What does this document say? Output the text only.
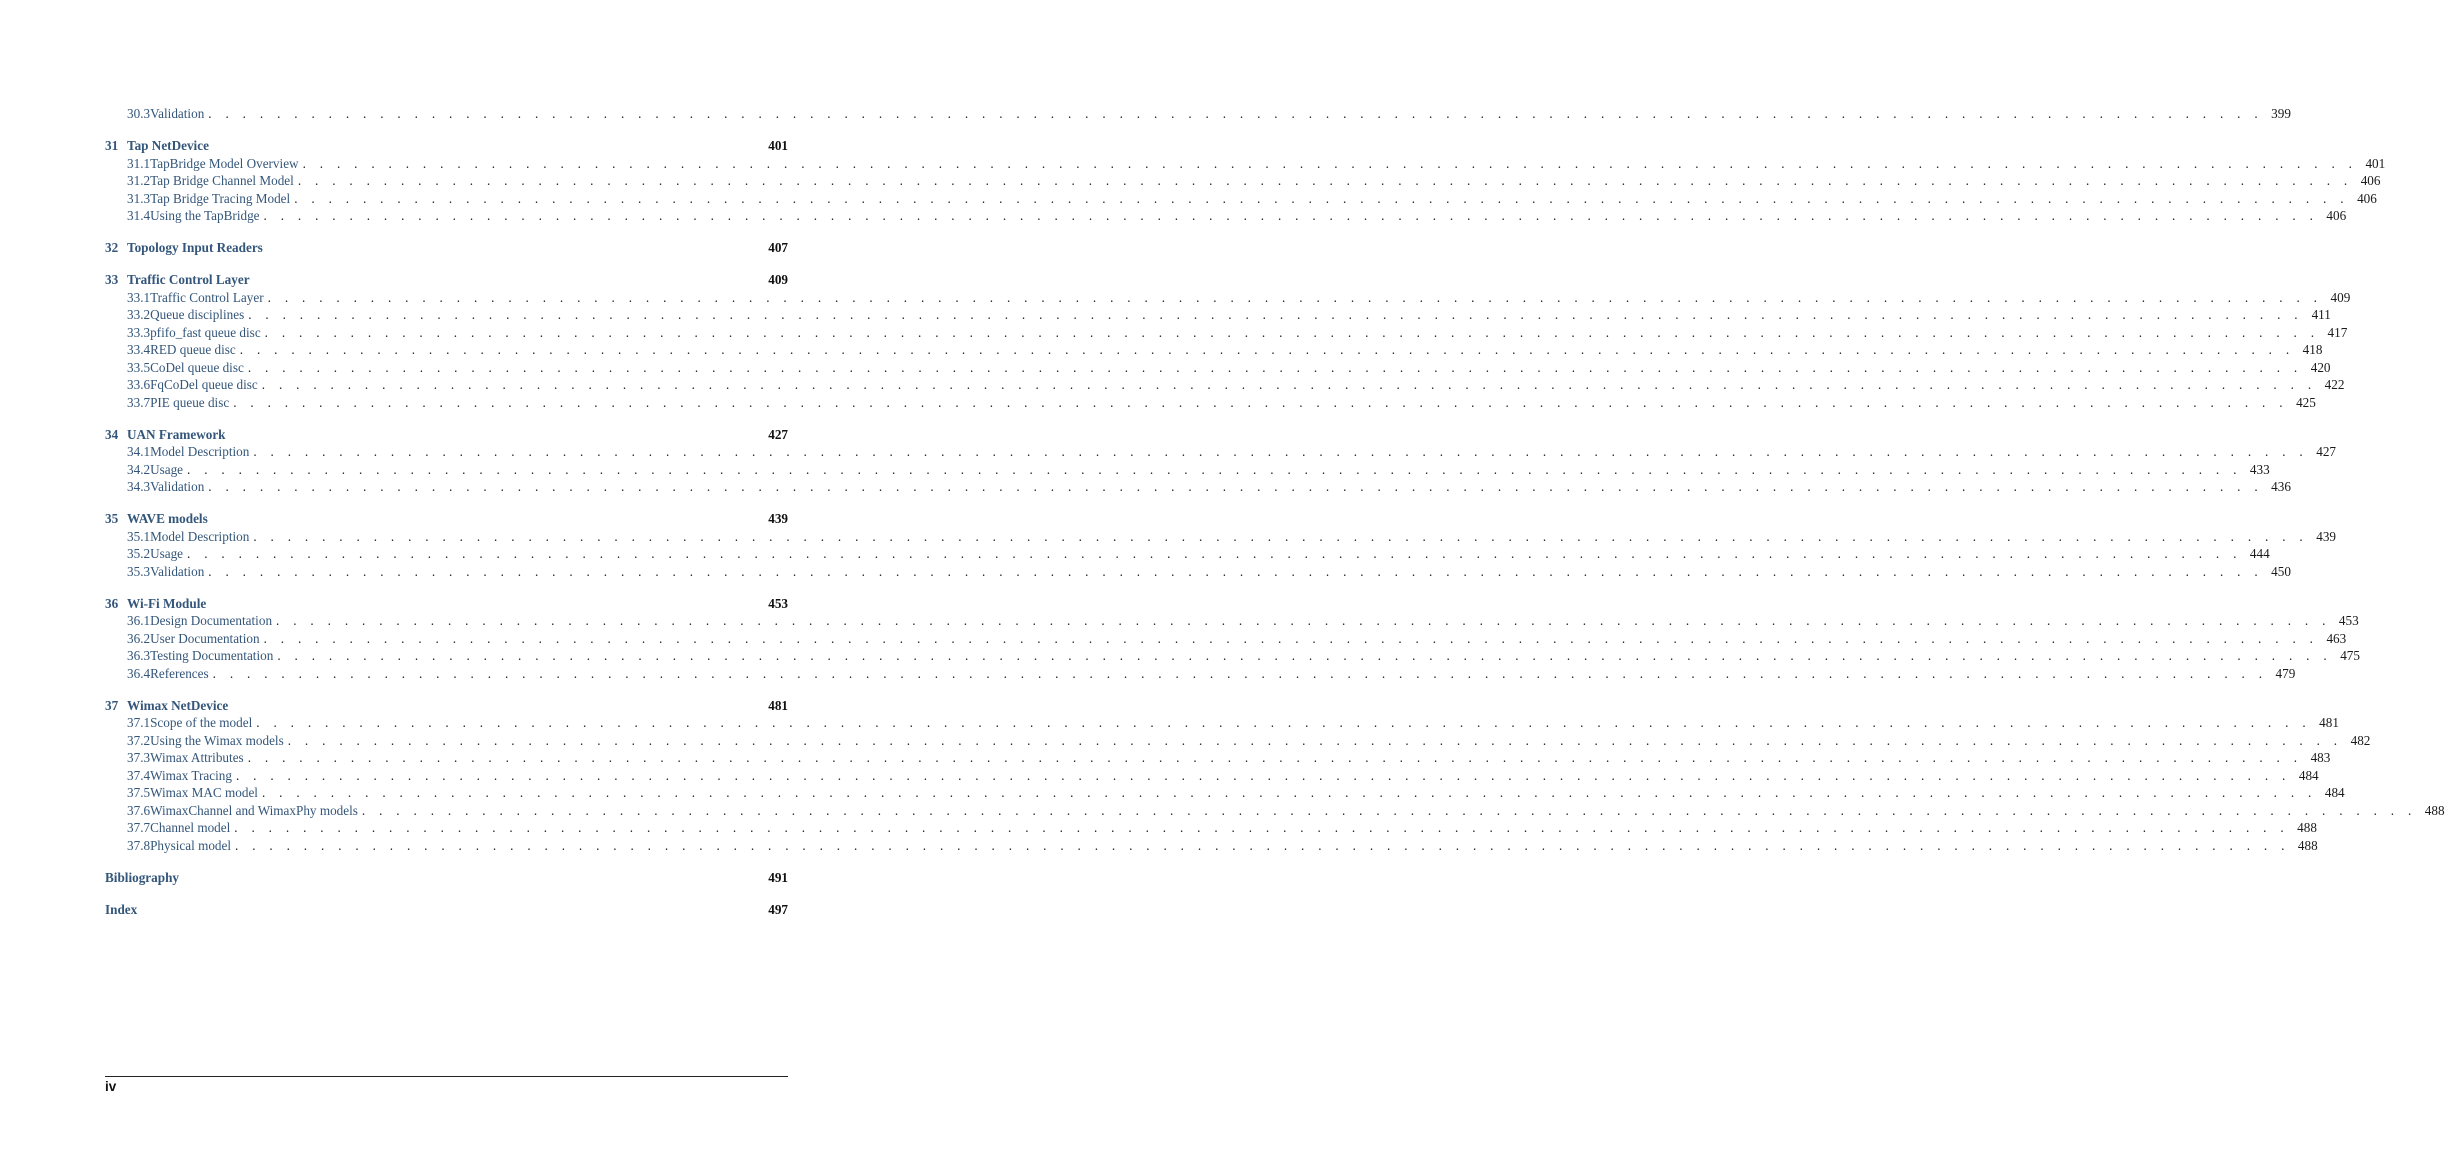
30.3 Validation . . . . . . . . . . . . . . . . . . . . . . . . . . . . . . . . . . . . . . . . . . . . . . . . . . . . . . . . . . . . . . . . . . . . . . . . . . . . . . . . . . . . . . . . . . . . . . . . . . . . . . . . . . . . . . . . . . . . . . . . 399
31 Tap NetDevice	401
31.1 TapBridge Model Overview . . . . . . . . . . . . . . . . . . . . . . . . . . . . . . . . . . . . . . . . . . . . . . . . . . . . . . . . . . . . . . . . . . . . . . . . . . . . . . . . . . . . . . . . . . . . . . . . . . . . . . . . . . . . . . . . . . . . . . . . 401
31.2 Tap Bridge Channel Model . . . . . . . . . . . . . . . . . . . . . . . . . . . . . . . . . . . . . . . . . . . . . . . . . . . . . . . . . . . . . . . . . . . . . . . . . . . . . . . . . . . . . . . . . . . . . . . . . . . . . . . . . . . . . . . . . . . . . . . . 406
31.3 Tap Bridge Tracing Model . . . . . . . . . . . . . . . . . . . . . . . . . . . . . . . . . . . . . . . . . . . . . . . . . . . . . . . . . . . . . . . . . . . . . . . . . . . . . . . . . . . . . . . . . . . . . . . . . . . . . . . . . . . . . . . . . . . . . . . . 406
31.4 Using the TapBridge . . . . . . . . . . . . . . . . . . . . . . . . . . . . . . . . . . . . . . . . . . . . . . . . . . . . . . . . . . . . . . . . . . . . . . . . . . . . . . . . . . . . . . . . . . . . . . . . . . . . . . . . . . . . . . . . . . . . . . . . 406
32 Topology Input Readers	407
33 Traffic Control Layer	409
33.1 Traffic Control Layer . . . . . . . . . . . . . . . . . . . . . . . . . . . . . . . . . . . . . . . . . . . . . . . . . . . . . . . . . . . . . . . . . . . . . . . . . . . . . . . . . . . . . . . . . . . . . . . . . . . . . . . . . . . . . . . . . . . . . . . . 409
33.2 Queue disciplines . . . . . . . . . . . . . . . . . . . . . . . . . . . . . . . . . . . . . . . . . . . . . . . . . . . . . . . . . . . . . . . . . . . . . . . . . . . . . . . . . . . . . . . . . . . . . . . . . . . . . . . . . . . . . . . . . . . . . . . . 411
33.3 pfifo_fast queue disc . . . . . . . . . . . . . . . . . . . . . . . . . . . . . . . . . . . . . . . . . . . . . . . . . . . . . . . . . . . . . . . . . . . . . . . . . . . . . . . . . . . . . . . . . . . . . . . . . . . . . . . . . . . . . . . . . . . . . . . . 417
33.4 RED queue disc . . . . . . . . . . . . . . . . . . . . . . . . . . . . . . . . . . . . . . . . . . . . . . . . . . . . . . . . . . . . . . . . . . . . . . . . . . . . . . . . . . . . . . . . . . . . . . . . . . . . . . . . . . . . . . . . . . . . . . . . 418
33.5 CoDel queue disc . . . . . . . . . . . . . . . . . . . . . . . . . . . . . . . . . . . . . . . . . . . . . . . . . . . . . . . . . . . . . . . . . . . . . . . . . . . . . . . . . . . . . . . . . . . . . . . . . . . . . . . . . . . . . . . . . . . . . . . . 420
33.6 FqCoDel queue disc . . . . . . . . . . . . . . . . . . . . . . . . . . . . . . . . . . . . . . . . . . . . . . . . . . . . . . . . . . . . . . . . . . . . . . . . . . . . . . . . . . . . . . . . . . . . . . . . . . . . . . . . . . . . . . . . . . . . . . . . 422
33.7 PIE queue disc . . . . . . . . . . . . . . . . . . . . . . . . . . . . . . . . . . . . . . . . . . . . . . . . . . . . . . . . . . . . . . . . . . . . . . . . . . . . . . . . . . . . . . . . . . . . . . . . . . . . . . . . . . . . . . . . . . . . . . . . 425
34 UAN Framework	427
34.1 Model Description . . . . . . . . . . . . . . . . . . . . . . . . . . . . . . . . . . . . . . . . . . . . . . . . . . . . . . . . . . . . . . . . . . . . . . . . . . . . . . . . . . . . . . . . . . . . . . . . . . . . . . . . . . . . . . . . . . . . . . . . 427
34.2 Usage . . . . . . . . . . . . . . . . . . . . . . . . . . . . . . . . . . . . . . . . . . . . . . . . . . . . . . . . . . . . . . . . . . . . . . . . . . . . . . . . . . . . . . . . . . . . . . . . . . . . . . . . . . . . . . . . . . . . . . . . 433
34.3 Validation . . . . . . . . . . . . . . . . . . . . . . . . . . . . . . . . . . . . . . . . . . . . . . . . . . . . . . . . . . . . . . . . . . . . . . . . . . . . . . . . . . . . . . . . . . . . . . . . . . . . . . . . . . . . . . . . . . . . . . . . 436
35 WAVE models	439
35.1 Model Description . . . . . . . . . . . . . . . . . . . . . . . . . . . . . . . . . . . . . . . . . . . . . . . . . . . . . . . . . . . . . . . . . . . . . . . . . . . . . . . . . . . . . . . . . . . . . . . . . . . . . . . . . . . . . . . . . . . . . . . . 439
35.2 Usage . . . . . . . . . . . . . . . . . . . . . . . . . . . . . . . . . . . . . . . . . . . . . . . . . . . . . . . . . . . . . . . . . . . . . . . . . . . . . . . . . . . . . . . . . . . . . . . . . . . . . . . . . . . . . . . . . . . . . . . . 444
35.3 Validation . . . . . . . . . . . . . . . . . . . . . . . . . . . . . . . . . . . . . . . . . . . . . . . . . . . . . . . . . . . . . . . . . . . . . . . . . . . . . . . . . . . . . . . . . . . . . . . . . . . . . . . . . . . . . . . . . . . . . . . . 450
36 Wi-Fi Module	453
36.1 Design Documentation . . . . . . . . . . . . . . . . . . . . . . . . . . . . . . . . . . . . . . . . . . . . . . . . . . . . . . . . . . . . . . . . . . . . . . . . . . . . . . . . . . . . . . . . . . . . . . . . . . . . . . . . . . . . . . . . . . . . . . . . 453
36.2 User Documentation . . . . . . . . . . . . . . . . . . . . . . . . . . . . . . . . . . . . . . . . . . . . . . . . . . . . . . . . . . . . . . . . . . . . . . . . . . . . . . . . . . . . . . . . . . . . . . . . . . . . . . . . . . . . . . . . . . . . . . . . 463
36.3 Testing Documentation . . . . . . . . . . . . . . . . . . . . . . . . . . . . . . . . . . . . . . . . . . . . . . . . . . . . . . . . . . . . . . . . . . . . . . . . . . . . . . . . . . . . . . . . . . . . . . . . . . . . . . . . . . . . . . . . . . . . . . . . 475
36.4 References . . . . . . . . . . . . . . . . . . . . . . . . . . . . . . . . . . . . . . . . . . . . . . . . . . . . . . . . . . . . . . . . . . . . . . . . . . . . . . . . . . . . . . . . . . . . . . . . . . . . . . . . . . . . . . . . . . . . . . . . 479
37 Wimax NetDevice	481
37.1 Scope of the model . . . . . . . . . . . . . . . . . . . . . . . . . . . . . . . . . . . . . . . . . . . . . . . . . . . . . . . . . . . . . . . . . . . . . . . . . . . . . . . . . . . . . . . . . . . . . . . . . . . . . . . . . . . . . . . . . . . . . . . . 481
37.2 Using the Wimax models . . . . . . . . . . . . . . . . . . . . . . . . . . . . . . . . . . . . . . . . . . . . . . . . . . . . . . . . . . . . . . . . . . . . . . . . . . . . . . . . . . . . . . . . . . . . . . . . . . . . . . . . . . . . . . . . . . . . . . . . 482
37.3 Wimax Attributes . . . . . . . . . . . . . . . . . . . . . . . . . . . . . . . . . . . . . . . . . . . . . . . . . . . . . . . . . . . . . . . . . . . . . . . . . . . . . . . . . . . . . . . . . . . . . . . . . . . . . . . . . . . . . . . . . . . . . . . . 483
37.4 Wimax Tracing . . . . . . . . . . . . . . . . . . . . . . . . . . . . . . . . . . . . . . . . . . . . . . . . . . . . . . . . . . . . . . . . . . . . . . . . . . . . . . . . . . . . . . . . . . . . . . . . . . . . . . . . . . . . . . . . . . . . . . . . 484
37.5 Wimax MAC model . . . . . . . . . . . . . . . . . . . . . . . . . . . . . . . . . . . . . . . . . . . . . . . . . . . . . . . . . . . . . . . . . . . . . . . . . . . . . . . . . . . . . . . . . . . . . . . . . . . . . . . . . . . . . . . . . . . . . . . . 484
37.6 WimaxChannel and WimaxPhy models . . . . . . . . . . . . . . . . . . . . . . . . . . . . . . . . . . . . . . . . . . . . . . . . . . . . . . . . . . . . . . . . . . . . . . . . . . . . . . . . . . . . . . . . . . . . . . . . . . . . . . . . . . . . . . . . . . . . . . . . 488
37.7 Channel model . . . . . . . . . . . . . . . . . . . . . . . . . . . . . . . . . . . . . . . . . . . . . . . . . . . . . . . . . . . . . . . . . . . . . . . . . . . . . . . . . . . . . . . . . . . . . . . . . . . . . . . . . . . . . . . . . . . . . . . . 488
37.8 Physical model . . . . . . . . . . . . . . . . . . . . . . . . . . . . . . . . . . . . . . . . . . . . . . . . . . . . . . . . . . . . . . . . . . . . . . . . . . . . . . . . . . . . . . . . . . . . . . . . . . . . . . . . . . . . . . . . . . . . . . . . 488
Bibliography	491
Index	497
iv
